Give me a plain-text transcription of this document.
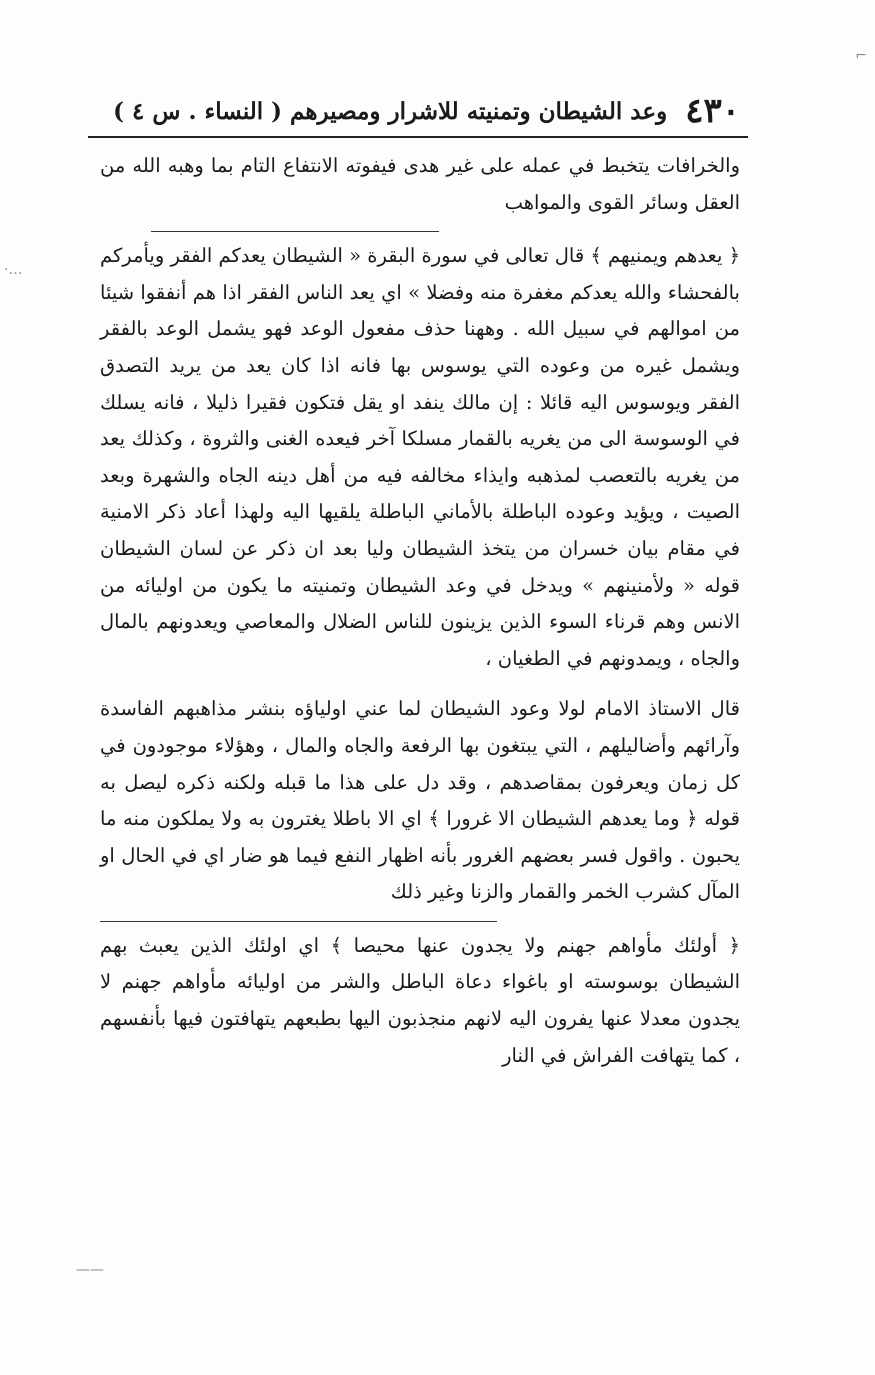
·…
⌐
——
٤٣٠
وعد الشيطان وتمنيته للاشرار ومصيرهم ( النساء . س ٤ )

والخرافات يتخبط في عمله على غير هدى فيفوته الانتفاع التام بما وهبه الله من العقل وسائر القوى والمواهب

﴿ يعدهم ويمنيهم ﴾ قال تعالى في سورة البقرة « الشيطان يعدكم الفقر ويأمركم بالفحشاء والله يعدكم مغفرة منه وفضلا » اي يعد الناس الفقر اذا هم أنفقوا شيئا من اموالهم في سبيل الله . وههنا حذف مفعول الوعد فهو يشمل الوعد بالفقر ويشمل غيره من وعوده التي يوسوس بها فانه اذا كان يعد من يريد التصدق الفقر ويوسوس اليه قائلا : إن مالك ينفد او يقل فتكون فقيرا ذليلا ، فانه يسلك في الوسوسة الى من يغريه بالقمار مسلكا آخر فيعده الغنى والثروة ، وكذلك يعد من يغريه بالتعصب لمذهبه وايذاء مخالفه فيه من أهل دينه الجاه والشهرة وبعد الصيت ، ويؤيد وعوده الباطلة بالأماني الباطلة يلقيها اليه ولهذا أعاد ذكر الامنية في مقام بيان خسران من يتخذ الشيطان وليا بعد ان ذكر عن لسان الشيطان قوله « ولأمنينهم » ويدخل في وعد الشيطان وتمنيته ما يكون من اوليائه من الانس وهم قرناء السوء الذين يزينون للناس الضلال والمعاصي ويعدونهم بالمال والجاه ، ويمدونهم في الطغيان ،

قال الاستاذ الامام لولا وعود الشيطان لما عني اولياؤه بنشر مذاهبهم الفاسدة وآرائهم وأضاليلهم ، التي يبتغون بها الرفعة والجاه والمال ، وهؤلاء موجودون في كل زمان ويعرفون بمقاصدهم ، وقد دل على هذا ما قبله ولكنه ذكره ليصل به قوله ﴿ وما يعدهم الشيطان الا غرورا ﴾ اي الا باطلا يغترون به ولا يملكون منه ما يحبون . واقول فسر بعضهم الغرور بأنه اظهار النفع فيما هو ضار اي في الحال او المآل كشرب الخمر والقمار والزنا وغير ذلك

﴿ أولئك مأواهم جهنم ولا يجدون عنها محيصا ﴾ اي اولئك الذين يعبث بهم الشيطان بوسوسته او باغواء دعاة الباطل والشر من اوليائه مأواهم جهنم لا يجدون معدلا عنها يفرون اليه لانهم منجذبون اليها بطبعهم يتهافتون فيها بأنفسهم ، كما يتهافت الفراش في النار
